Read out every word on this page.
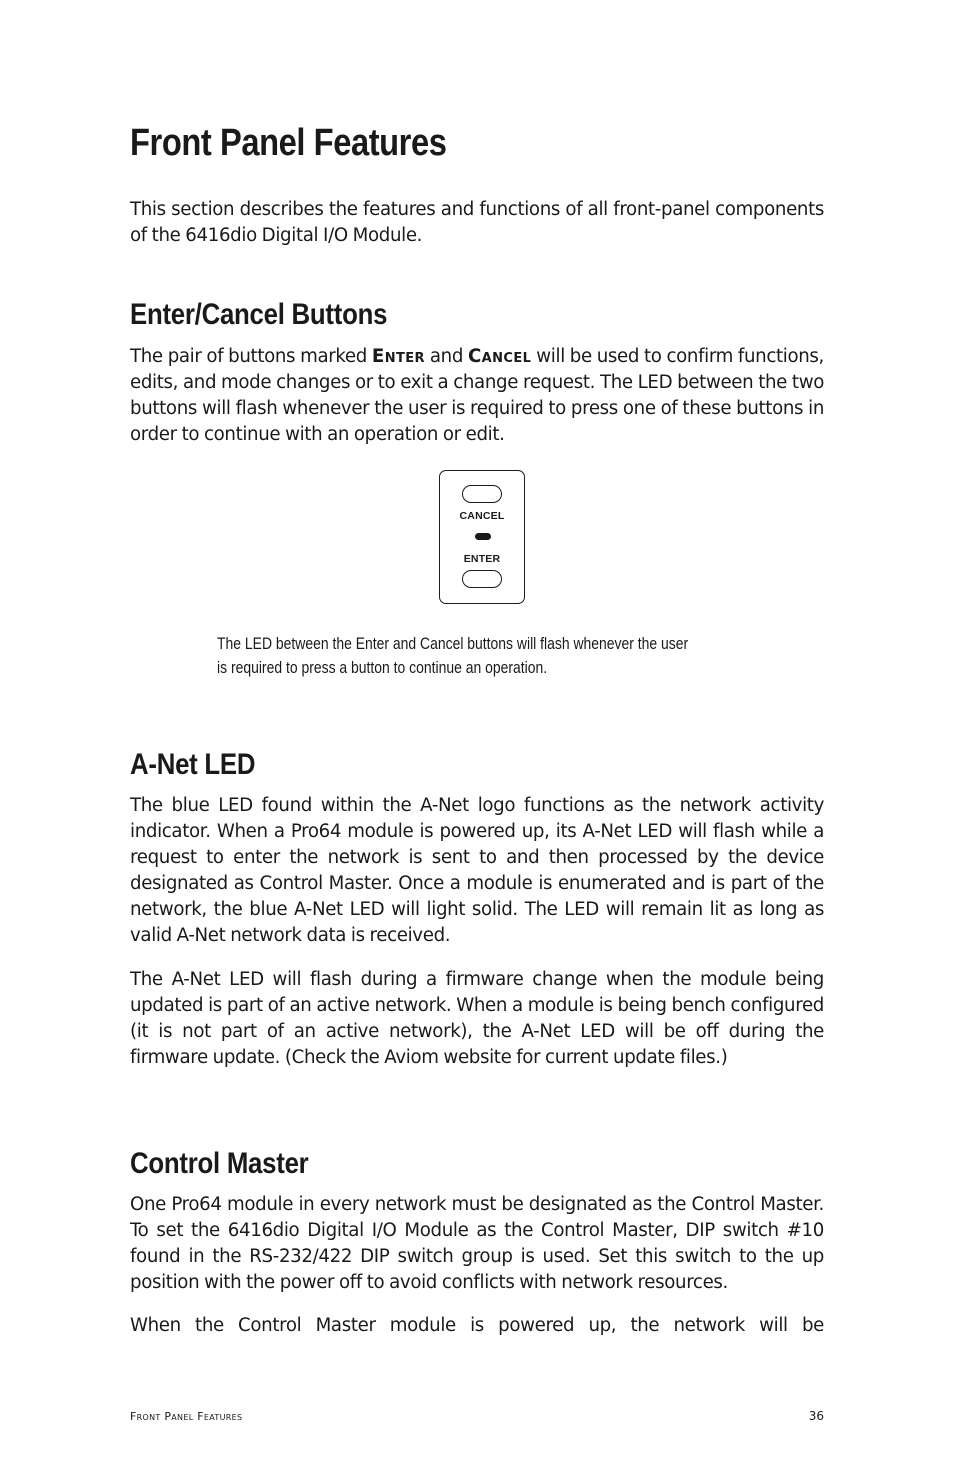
Front Panel Features

This section describes the features and functions of all front-panel components of the 6416dio Digital I/O Module.

Enter/Cancel Buttons

The pair of buttons marked Enter and Cancel will be used to confirm functions, edits, and mode changes or to exit a change request. The LED between the two buttons will flash whenever the user is required to press one of these buttons in order to continue with an operation or edit.

CANCEL
ENTER
The LED between the Enter and Cancel buttons will flash whenever the user
is required to press a button to continue an operation.
A-Net LED

The blue LED found within the A-Net logo functions as the network activity indicator. When a Pro64 module is powered up, its A-Net LED will flash while a request to enter the network is sent to and then processed by the device designated as Control Master. Once a module is enumerated and is part of the network, the blue A-Net LED will light solid. The LED will remain lit as long as valid A-Net network data is received.

The A-Net LED will flash during a firmware change when the module being updated is part of an active network. When a module is being bench configured (it is not part of an active network), the A-Net LED will be off during the firmware update. (Check the Aviom website for current update files.)

Control Master

One Pro64 module in every network must be designated as the Control Master. To set the 6416dio Digital I/O Module as the Control Master, DIP switch #10 found in the RS-232/422 DIP switch group is used. Set this switch to the up position with the power off to avoid conflicts with network resources.

When the Control Master module is powered up, the network will be

Front Panel Features	36
